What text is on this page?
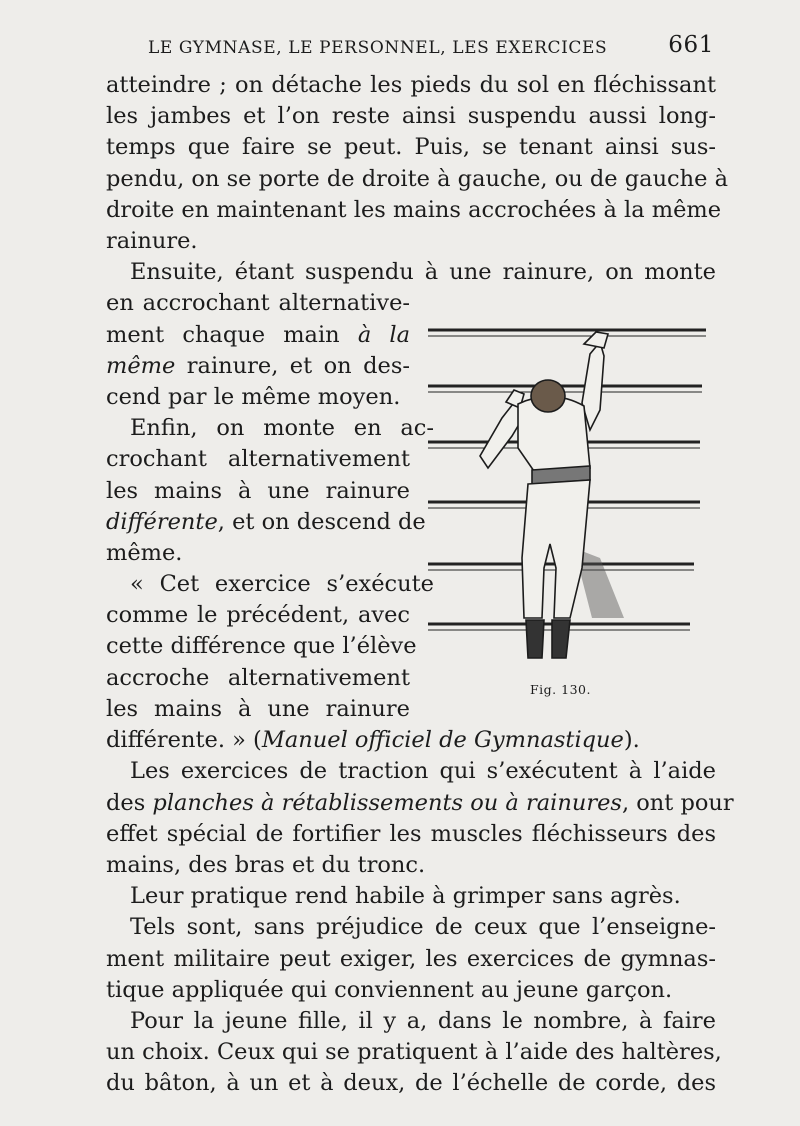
LE GYMNASE, LE PERSONNEL, LES EXERCICES	661
atteindre ; on détache les pieds du sol en fléchissant
les jambes et l’on reste ainsi suspendu aussi long-
temps que faire se peut. Puis, se tenant ainsi sus-
pendu, on se porte de droite à gauche, ou de gauche à
droite en maintenant les mains accrochées à la même
rainure.
Ensuite, étant suspendu à une rainure, on monte
en accrochant alternative-
ment chaque main à la
même rainure, et on des-
cend par le même moyen.
Enfin, on monte en ac-
crochant alternativement
les mains à une rainure
différente, et on descend de
même.
« Cet exercice s’exécute
comme le précédent, avec
cette différence que l’élève
accroche alternativement
les mains à une rainure
différente. » (Manuel officiel de Gymnastique).
Les exercices de traction qui s’exécutent à l’aide
des planches à rétablissements ou à rainures, ont pour
effet spécial de fortifier les muscles fléchisseurs des
mains, des bras et du tronc.
Leur pratique rend habile à grimper sans agrès.
Tels sont, sans préjudice de ceux que l’enseigne-
ment militaire peut exiger, les exercices de gymnas-
tique appliquée qui conviennent au jeune garçon.
Pour la jeune fille, il y a, dans le nombre, à faire
un choix. Ceux qui se pratiquent à l’aide des haltères,
du bâton, à un et à deux, de l’échelle de corde, des
Fig. 130.
